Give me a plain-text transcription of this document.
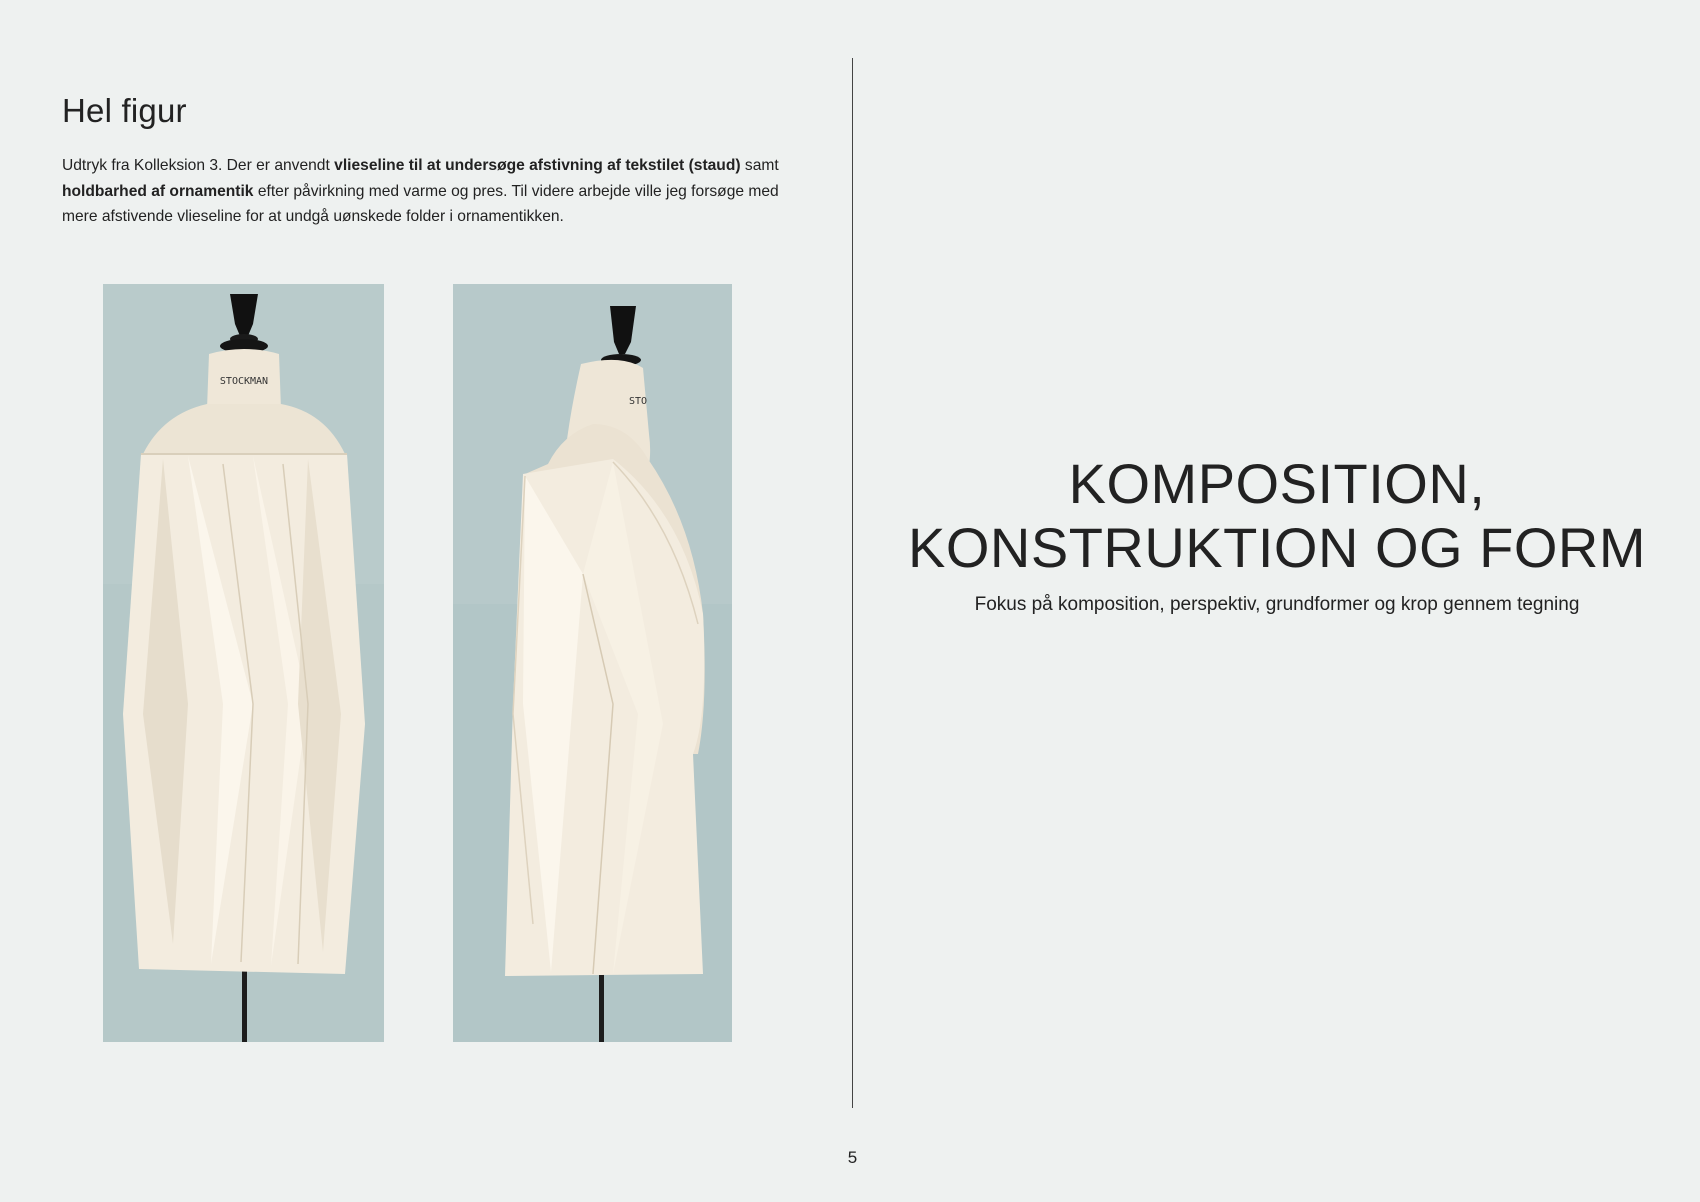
Hel figur

Udtryk fra Kolleksion 3. Der er anvendt vlieseline til at undersøge afstivning af tekstilet (staud) samt holdbarhed af ornamentik efter påvirkning med varme og pres. Til videre arbejde ville jeg forsøge med mere afstivende vlieseline for at undgå uønskede folder i ornamentikken.

STOCKMAN
STO
5
KOMPOSITION,
KONSTRUKTION OG FORM
Fokus på komposition, perspektiv, grundformer og krop gennem tegning
